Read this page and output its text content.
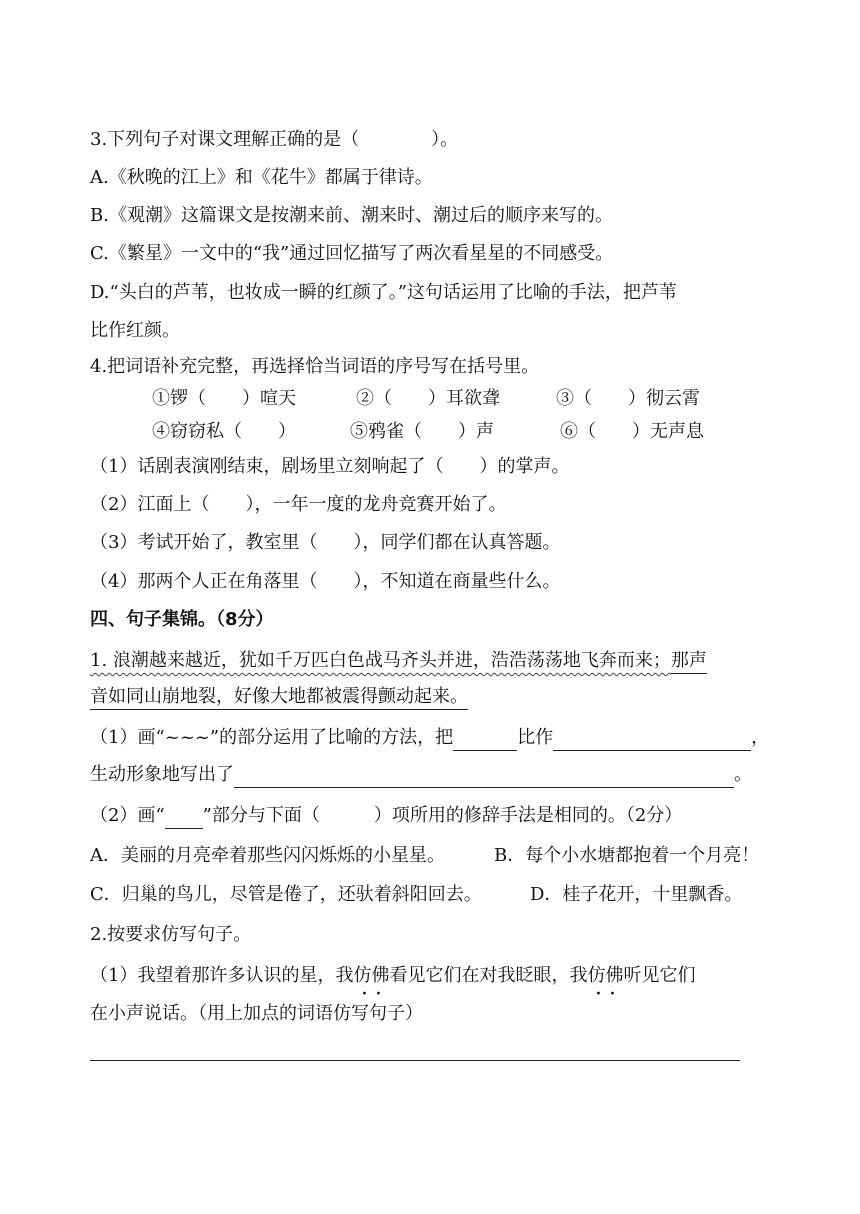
3.下列句子对课文理解正确的是（　　　　）。
A.《秋晚的江上》和《花牛》都属于律诗。
B.《观潮》这篇课文是按潮来前、潮来时、潮过后的顺序来写的。
C.《繁星》一文中的“我”通过回忆描写了两次看星星的不同感受。
D.“头白的芦苇，也妆成一瞬的红颜了。”这句话运用了比喻的手法，把芦苇
比作红颜。
4.把词语补充完整，再选择恰当词语的序号写在括号里。
①锣（　　）喧天	②（　　）耳欲聋	③（　　）彻云霄
④窃窃私（　　）	⑤鸦雀（　　）声	⑥（　　）无声息
（1）话剧表演刚结束，剧场里立刻响起了（　　）的掌声。
（2）江面上（　　），一年一度的龙舟竞赛开始了。
（3）考试开始了，教室里（　　），同学们都在认真答题。
（4）那两个人正在角落里（　　），不知道在商量些什么。
四、句子集锦。（8分）
1. 浪潮越来越近，犹如千万匹白色战马齐头并进，浩浩荡荡地飞奔而来；那声
音如同山崩地裂，好像大地都被震得颤动起来。
（1）画“~~~”的部分运用了比喻的方法，把	比作	，
生动形象地写出了	。
（2）画“ ”部分与下面（　　　）项所用的修辞手法是相同的。（2分）
A．美丽的月亮牵着那些闪闪烁烁的小星星。	B．每个小水塘都抱着一个月亮！
C．归巢的鸟儿，尽管是倦了，还驮着斜阳回去。	D．桂子花开，十里飘香。
2.按要求仿写句子。
（1）我望着那许多认识的星，我仿佛 · ·看见它们在对我眨眼，我仿佛 · ·听见它们
在小声说话。（用上加点的词语仿写句子）
